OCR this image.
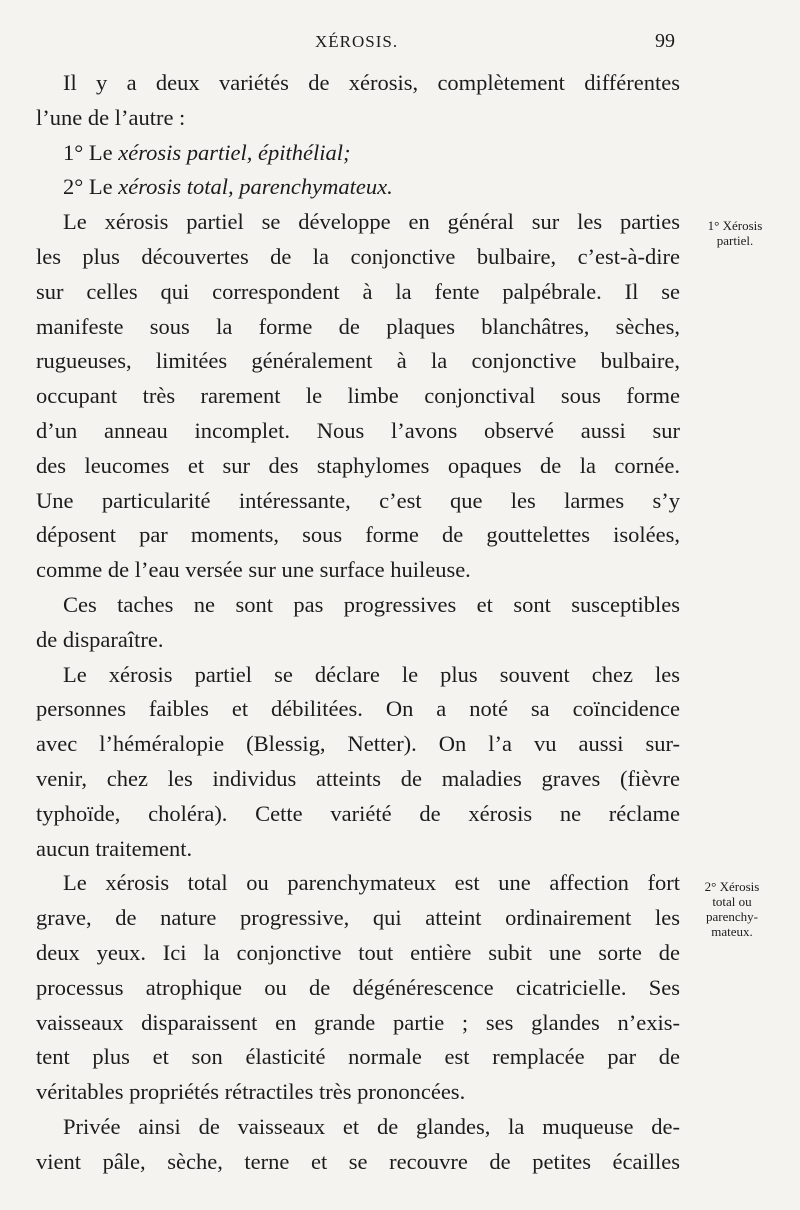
XÉROSIS.	99
Il y a deux variétés de xérosis, complètement différentes
l’une de l’autre :
1° Le xérosis partiel, épithélial;
2° Le xérosis total, parenchymateux.
Le xérosis partiel se développe en général sur les parties
les plus découvertes de la conjonctive bulbaire, c’est-à-dire
sur celles qui correspondent à la fente palpébrale. Il se
manifeste sous la forme de plaques blanchâtres, sèches,
rugueuses, limitées généralement à la conjonctive bulbaire,
occupant très rarement le limbe conjonctival sous forme
d’un anneau incomplet. Nous l’avons observé aussi sur
des leucomes et sur des staphylomes opaques de la cornée.
Une particularité intéressante, c’est que les larmes s’y
déposent par moments, sous forme de gouttelettes isolées,
comme de l’eau versée sur une surface huileuse.
Ces taches ne sont pas progressives et sont susceptibles
de disparaître.
Le xérosis partiel se déclare le plus souvent chez les
personnes faibles et débilitées. On a noté sa coïncidence
avec l’héméralopie (Blessig, Netter). On l’a vu aussi sur-
venir, chez les individus atteints de maladies graves (fièvre
typhoïde, choléra). Cette variété de xérosis ne réclame
aucun traitement.
Le xérosis total ou parenchymateux est une affection fort
grave, de nature progressive, qui atteint ordinairement les
deux yeux. Ici la conjonctive tout entière subit une sorte de
processus atrophique ou de dégénérescence cicatricielle. Ses
vaisseaux disparaissent en grande partie ; ses glandes n’exis-
tent plus et son élasticité normale est remplacée par de
véritables propriétés rétractiles très prononcées.
Privée ainsi de vaisseaux et de glandes, la muqueuse de-
vient pâle, sèche, terne et se recouvre de petites écailles
1° Xérosis
partiel.
2° Xérosis
total ou
parenchy-
mateux.
